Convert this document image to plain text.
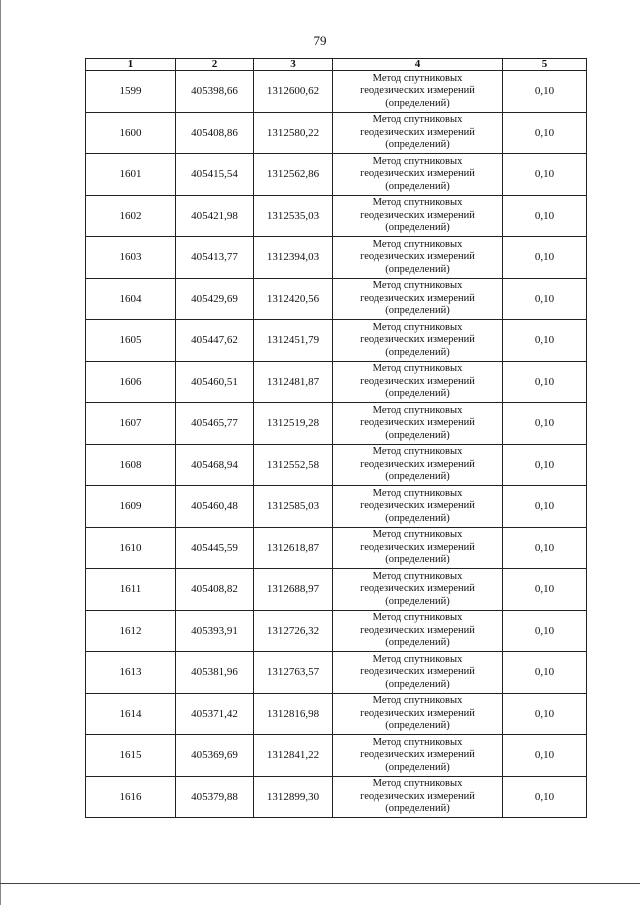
79
1	2	3	4	5
1599	405398,66	1312600,62	Метод спутниковых
геодезических измерений
(определений)	0,10
1600	405408,86	1312580,22	Метод спутниковых
геодезических измерений
(определений)	0,10
1601	405415,54	1312562,86	Метод спутниковых
геодезических измерений
(определений)	0,10
1602	405421,98	1312535,03	Метод спутниковых
геодезических измерений
(определений)	0,10
1603	405413,77	1312394,03	Метод спутниковых
геодезических измерений
(определений)	0,10
1604	405429,69	1312420,56	Метод спутниковых
геодезических измерений
(определений)	0,10
1605	405447,62	1312451,79	Метод спутниковых
геодезических измерений
(определений)	0,10
1606	405460,51	1312481,87	Метод спутниковых
геодезических измерений
(определений)	0,10
1607	405465,77	1312519,28	Метод спутниковых
геодезических измерений
(определений)	0,10
1608	405468,94	1312552,58	Метод спутниковых
геодезических измерений
(определений)	0,10
1609	405460,48	1312585,03	Метод спутниковых
геодезических измерений
(определений)	0,10
1610	405445,59	1312618,87	Метод спутниковых
геодезических измерений
(определений)	0,10
1611	405408,82	1312688,97	Метод спутниковых
геодезических измерений
(определений)	0,10
1612	405393,91	1312726,32	Метод спутниковых
геодезических измерений
(определений)	0,10
1613	405381,96	1312763,57	Метод спутниковых
геодезических измерений
(определений)	0,10
1614	405371,42	1312816,98	Метод спутниковых
геодезических измерений
(определений)	0,10
1615	405369,69	1312841,22	Метод спутниковых
геодезических измерений
(определений)	0,10
1616	405379,88	1312899,30	Метод спутниковых
геодезических измерений
(определений)	0,10
